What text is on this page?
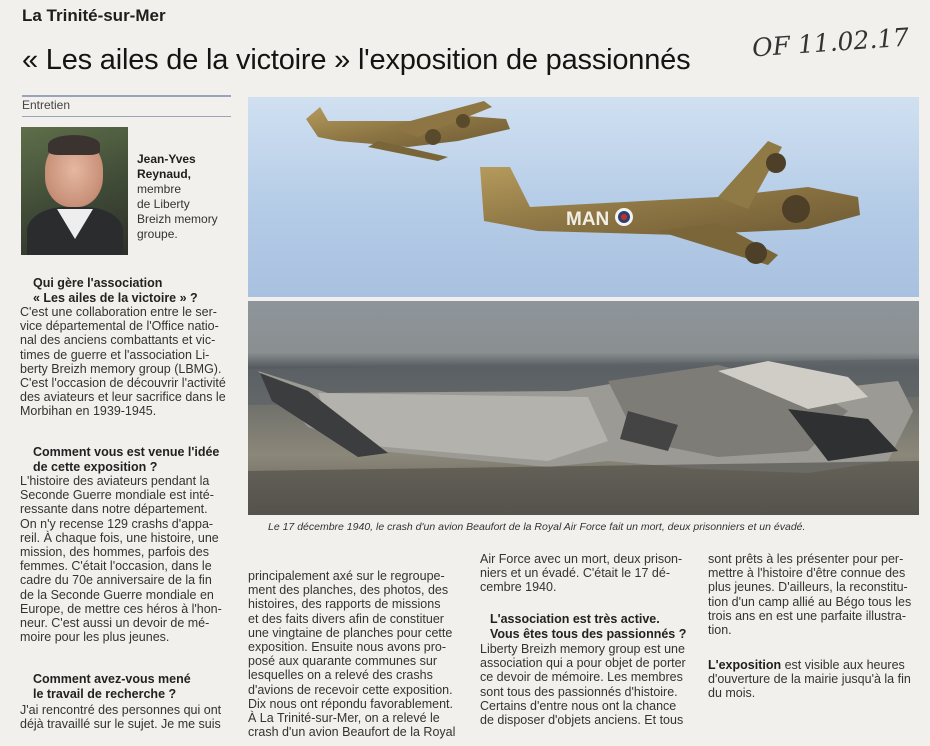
La Trinité-sur-Mer
« Les ailes de la victoire » l'exposition de passionnés OF 11.02.17
Entretien
Jean-Yves
Reynaud,
membre
de Liberty
Breizh memory
groupe.
Qui gère l'association
« Les ailes de la victoire » ?
C'est une collaboration entre le ser-
vice départemental de l'Office natio-
nal des anciens combattants et vic-
times de guerre et l'association Li-
berty Breizh memory group (LBMG).
C'est l'occasion de découvrir l'activité
des aviateurs et leur sacrifice dans le
Morbihan en 1939-1945.
Comment vous est venue l'idée
de cette exposition ?
L'histoire des aviateurs pendant la
Seconde Guerre mondiale est inté-
ressante dans notre département.
On n'y recense 129 crashs d'appa-
reil. À chaque fois, une histoire, une
mission, des hommes, parfois des
femmes. C'était l'occasion, dans le
cadre du 70e anniversaire de la fin
de la Seconde Guerre mondiale en
Europe, de mettre ces héros à l'hon-
neur. C'est aussi un devoir de mé-
moire pour les plus jeunes.
Comment avez-vous mené
le travail de recherche ?
J'ai rencontré des personnes qui ont
déjà travaillé sur le sujet. Je me suis
MAN
Le 17 décembre 1940, le crash d'un avion Beaufort de la Royal Air Force fait un mort, deux prisonniers et un évadé.
principalement axé sur le regroupe-
ment des planches, des photos, des
histoires, des rapports de missions
et des faits divers afin de constituer
une vingtaine de planches pour cette
exposition. Ensuite nous avons pro-
posé aux quarante communes sur
lesquelles on a relevé des crashs
d'avions de recevoir cette exposition.
Dix nous ont répondu favorablement.
À La Trinité-sur-Mer, on a relevé le
crash d'un avion Beaufort de la Royal
Air Force avec un mort, deux prison-
niers et un évadé. C'était le 17 dé-
cembre 1940.
L'association est très active.
Vous êtes tous des passionnés ?
Liberty Breizh memory group est une
association qui a pour objet de porter
ce devoir de mémoire. Les membres
sont tous des passionnés d'histoire.
Certains d'entre nous ont la chance
de disposer d'objets anciens. Et tous
sont prêts à les présenter pour per-
mettre à l'histoire d'être connue des
plus jeunes. D'ailleurs, la reconstitu-
tion d'un camp allié au Bégo tous les
trois ans en est une parfaite illustra-
tion.
L'exposition est visible aux heures
d'ouverture de la mairie jusqu'à la fin
du mois.
